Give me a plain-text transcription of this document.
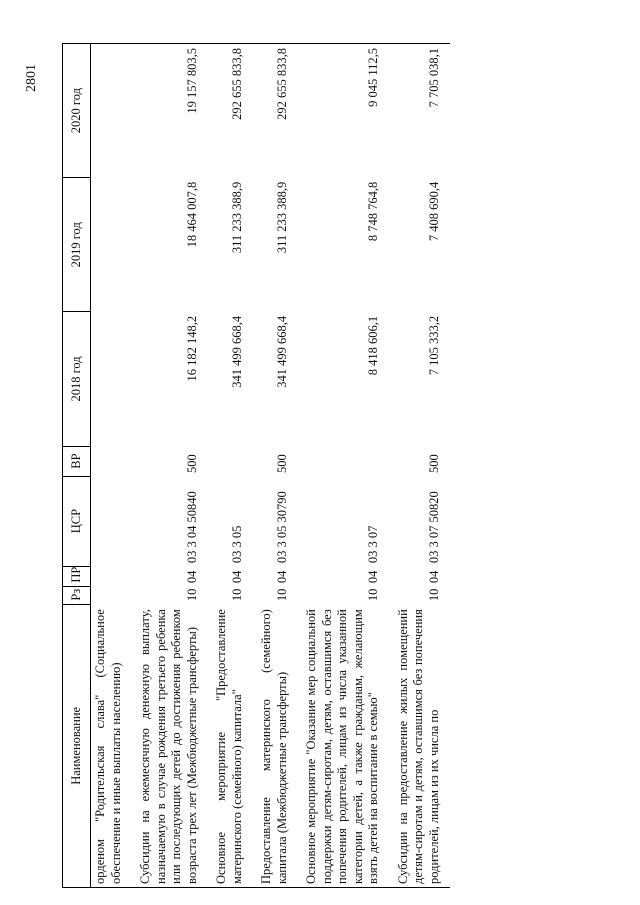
2801
Наименование	Рз	ПР	ЦСР	ВР	2018 год	2019 год	2020 год
орденом "Родительская слава" (Социальное обеспечение и иные выплаты населению)							
Субсидии на ежемесячную денежную выплату, назначаемую в случае рождения третьего ребенка или последующих детей до достижения ребенком возраста трех лет (Межбюджетные трансферты)	10	04	03 3 04 50840	500	16 182 148,2	18 464 007,8	19 157 803,5
Основное мероприятие "Предоставление материнского (семейного) капитала"	10	04	03 3 05		341 499 668,4	311 233 388,9	292 655 833,8
Предоставление материнского (семейного) капитала (Межбюджетные трансферты)	10	04	03 3 05 30790	500	341 499 668,4	311 233 388,9	292 655 833,8
Основное мероприятие "Оказание мер социальной поддержки детям-сиротам, детям, оставшимся без попечения родителей, лицам из числа указанной категории детей, а также гражданам, желающим взять детей на воспитание в семью"	10	04	03 3 07		8 418 606,1	8 748 764,8	9 045 112,5
Субсидии на предоставление жилых помещений детям-сиротам и детям, оставшимся без попечения родителей, лицам из их числа по	10	04	03 3 07 50820	500	7 105 333,2	7 408 690,4	7 705 038,1
